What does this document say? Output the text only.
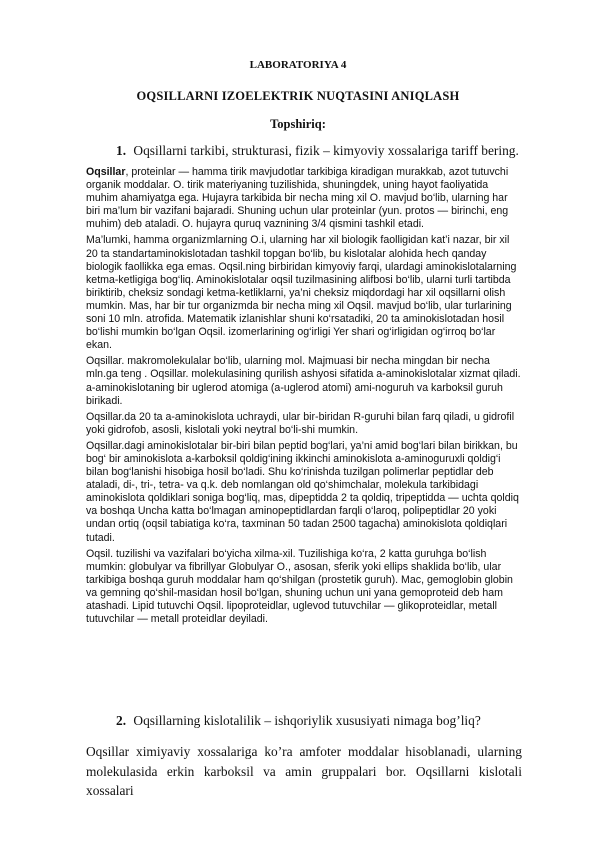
LABORATORIYA 4
OQSILLARNI IZOELEKTRIK NUQTASINI ANIQLASH
Topshiriq:
1. Oqsillarni tarkibi, strukturasi, fizik – kimyoviy xossalariga tariff bering.

Oqsillar, proteinlar — hamma tirik mavjudotlar tarkibiga kiradigan murakkab, azot tutuvchi organik moddalar. O. tirik materiyaning tuzilishida, shuningdek, uning hayot faoliyatida muhim ahamiyatga ega. Hujayra tarkibida bir necha ming xil O. mavjud bo‘lib, ularning har biri ma’lum bir vazifani bajaradi. Shuning uchun ular proteinlar (yun. protos — birinchi, eng muhim) deb ataladi. O. hujayra quruq vaznining 3/4 qismini tashkil etadi.

Ma’lumki, hamma organizmlarning O.i, ularning har xil biologik faolligidan kat’i nazar, bir xil 20 ta standartaminokislotadan tashkil topgan bo‘lib, bu kislotalar alohida hech qanday biologik faollikka ega emas. Oqsil.ning birbiridan kimyoviy farqi, ulardagi aminokislotalarning ketma-ketligiga bog‘liq. Aminokislotalar oqsil tuzilmasining alifbosi bo‘lib, ularni turli tartibda biriktirib, cheksiz sondagi ketma-ketliklarni, ya’ni cheksiz miqdordagi har xil oqsillarni olish mumkin. Mas, har bir tur organizmda bir necha ming xil Oqsil. mavjud bo‘lib, ular turlarining soni 10 mln. atrofida. Matematik izlanishlar shuni ko‘rsatadiki, 20 ta aminokislotadan hosil bo‘lishi mumkin bo‘lgan Oqsil. izomerlarining og‘irligi Yer shari og‘irligidan og‘irroq bo‘lar ekan.

Oqsillar. makromolekulalar bo‘lib, ularning mol. Majmuasi bir necha mingdan bir necha mln.ga teng . Oqsillar. molekulasining qurilish ashyosi sifatida a-aminokislotalar xizmat qiladi. a-aminokislotaning bir uglerod atomiga (a-uglerod atomi) ami-noguruh va karboksil guruh birikadi.

Oqsillar.da 20 ta a-aminokislota uchraydi, ular bir-biridan R-guruhi bilan farq qiladi, u gidrofil yoki gidrofob, asosli, kislotali yoki neytral bo‘li-shi mumkin.

Oqsillar.dagi aminokislotalar bir-biri bilan peptid bog‘lari, ya’ni amid bog‘lari bilan birikkan, bu bog‘ bir aminokislota a-karboksil qoldig‘ining ikkinchi aminokislota a-aminoguruxli qoldig‘i bilan bog‘lanishi hisobiga hosil bo‘ladi. Shu ko‘rinishda tuzilgan polimerlar peptidlar deb ataladi, di-, tri-, tetra- va q.k. deb nomlangan old qo‘shimchalar, molekula tarkibidagi aminokislota qoldiklari soniga bog‘liq, mas, dipeptidda 2 ta qoldiq, tripeptidda — uchta qoldiq va boshqa Uncha katta bo‘lmagan aminopeptidlardan farqli o‘laroq, polipeptidlar 20 yoki undan ortiq (oqsil tabiatiga ko‘ra, taxminan 50 tadan 2500 tagacha) aminokislota qoldiqlari tutadi.

Oqsil. tuzilishi va vazifalari bo‘yicha xilma-xil. Tuzilishiga ko‘ra, 2 katta guruhga bo‘lish mumkin: globulyar va fibrillyar Globulyar O., asosan, sferik yoki ellips shaklida bo‘lib, ular tarkibiga boshqa guruh moddalar ham qo‘shilgan (prostetik guruh). Mac, gemoglobin globin va gemning qo‘shil-masidan hosil bo‘lgan, shuning uchun uni yana gemoproteid deb ham atashadi. Lipid tutuvchi Oqsil. lipoproteidlar, uglevod tutuvchilar — glikoproteidlar, metall tutuvchilar — metall proteidlar deyiladi.

2. Oqsillarning kislotalilik – ishqoriylik xususiyati nimaga bog’liq?
Oqsillar ximiyaviy xossalariga ko’ra amfoter moddalar hisoblanadi, ularning molekulasida erkin karboksil va amin gruppalari bor. Oqsillarni kislotali xossalari
